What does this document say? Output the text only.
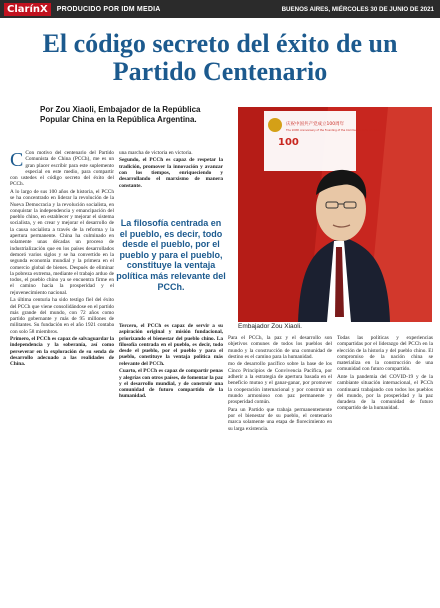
ClarínX	PRODUCIDO POR IDM MEDIA	BUENOS AIRES, MIÉRCOLES 30 DE JUNIO DE 2021
El código secreto del éxito de un Partido Centenario
Por Zou Xiaoli, Embajador de la República Popular China en la República Argentina.
100
庆祝中国共产党成立100周年
The 100th Anniversary of the Founding of the Communist Party of China
Embajador Zou Xiaoli.

C Con motivo del centenario del Partido Comunista de China (PCCh), me es un gran placer escribir para este suplemento especial en este medio, para compartir con ustedes el código secreto del éxito del PCCh.

A lo largo de sus 100 años de historia, el PCCh se ha concentrado en liderar la revolución de la Nueva Democracia y la revolución socialista, en conquistar la independencia y emancipación del pueblo chino, en establecer y mejorar el sistema socialista, y en crear y mejorar el desarrollo de la causa socialista a través de la reforma y la apertura permanente. China ha culminado en solamente unas décadas un proceso de industrialización que en los países desarrollados demoró varios siglos y se ha convertido en la segunda economía mundial y la primera en el comercio global de bienes. Después de eliminar la pobreza extrema, mediante el trabajo arduo de todos, el pueblo chino ya se encuentra firme en el camino hacia la prosperidad y el rejuvenecimiento nacional.

La última centuria ha sido testigo fiel del éxito del PCCh que viene consolidándose en el partido más grande del mundo, con 72 años como partido gobernante y más de 95 millones de militantes. Su fundación en el año 1921 contaba con solo 58 miembros.

Primero, el PCCh es capaz de salvaguardar la independencia y la soberanía, así como perseverar en la exploración de su senda de desarrollo adecuado a las realidades de China.

una marcha de victoria en victoria.

Segundo, el PCCh es capaz de respetar la tradición, promover la innovación y avanzar con los tiempos, enriqueciendo y desarrollando el marxismo de manera constante.

La filosofía centrada en el pueblo, es decir, todo desde el pueblo, por el pueblo y para el pueblo, constituye la ventaja política más relevante del PCCh.

Tercero, el PCCh es capaz de servir a su aspiración original y misión fundacional, priorizando el bienestar del pueblo chino. La filosofía centrada en el pueblo, es decir, todo desde el pueblo, por el pueblo y para el pueblo, constituye la ventaja política más relevante del PCCh.

Cuarto, el PCCh es capaz de compartir penas y alegrías con otros países, de fomentar la paz y el desarrollo mundial, y de construir una comunidad de futuro compartido de la humanidad.

Para el PCCh, la paz y el desarrollo son objetivos comunes de todos los pueblos del mundo y la construcción de una comunidad de destino es el camino para la humanidad.

mo de desarrollo pacífico sobre la base de los Cinco Principios de Convivencia Pacífica, por adherir a la estrategia de apertura basada en el beneficio mutuo y el ganar-ganar, por promover la cooperación internacional y por construir un mundo armonioso con paz permanente y prosperidad común.

Para un Partido que trabaja permanentemente por el bienestar de su pueblo, el centenario marca solamente una etapa de florecimiento en su larga existencia.

Todas las políticas y experiencias compartidas por el liderazgo del PCCh en la elección de la historia y del pueblo chino. El compromiso de la nación china se materializa en la construcción de una comunidad con futuro compartido.

Ante la pandemia del COVID-19 y de la cambiante situación internacional, el PCCh continuará trabajando con todos los pueblos del mundo, por la prosperidad y la paz duradera de la comunidad de futuro compartido de la humanidad.
